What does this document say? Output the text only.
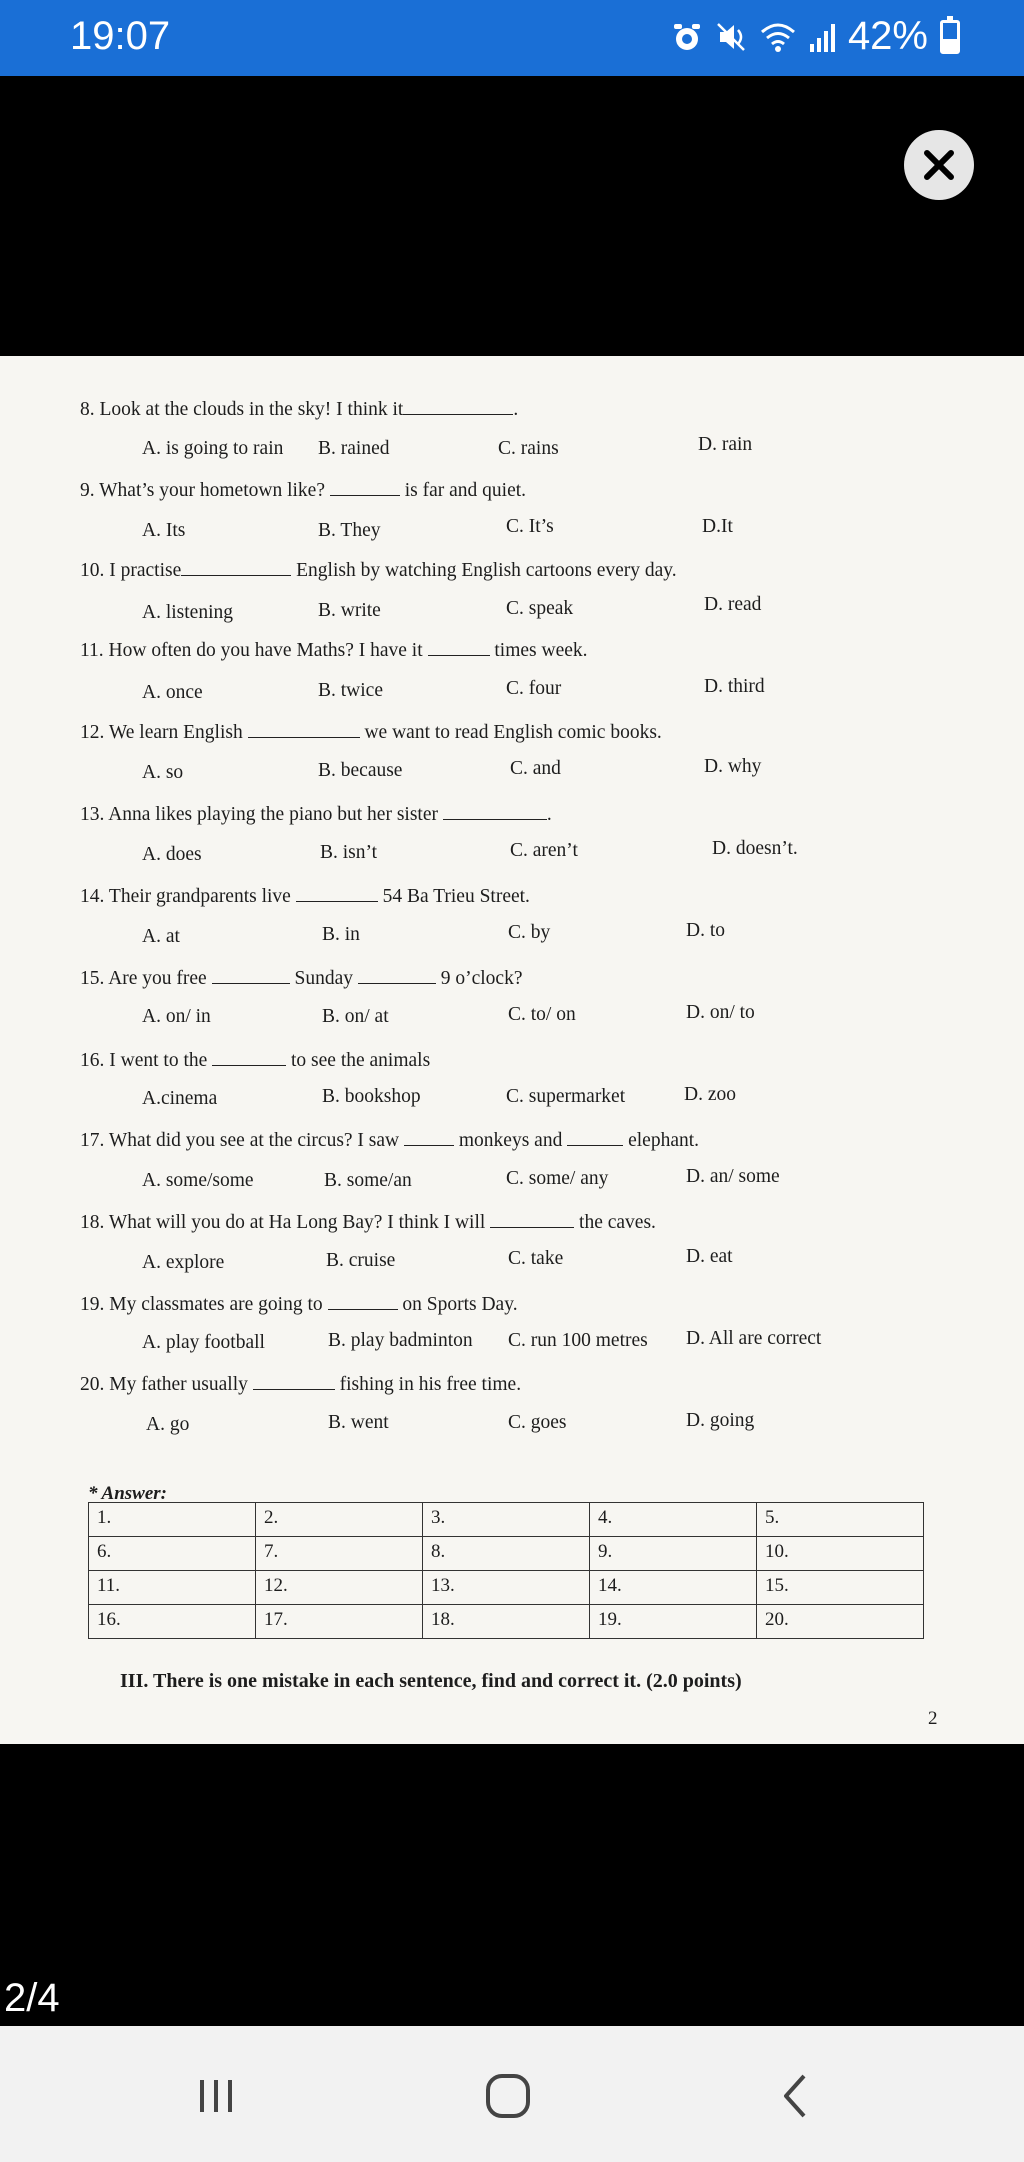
19:07	42%
8. Look at the clouds in the sky! I think it	.
A. is going to rain B. rained	C. rains	D. rain
9. What’s your hometown like?	is far and quiet.
A. Its	B. They	C. It’s	D.It
10. I practise	English by watching English cartoons every day.
A. listening	B. write	C. speak	D. read
11. How often do you have Maths? I have it	times week.
A. once	B. twice	C. four	D. third
12. We learn English	we want to read English comic books.
A. so	B. because	C. and	D. why
13. Anna likes playing the piano but her sister	.
A. does	B. isn’t	C. aren’t	D. doesn’t.
14. Their grandparents live	54 Ba Trieu Street.
A. at	B. in	C. by	D. to
15. Are you free	Sunday	9 o’clock?
A. on/ in	B. on/ at	C. to/ on	D. on/ to
16. I went to the	to see the animals
A.cinema	B. bookshop	C. supermarket	D. zoo
17. What did you see at the circus? I saw	monkeys and	elephant.
A. some/some	B. some/an	C. some/ any	D. an/ some
18. What will you do at Ha Long Bay? I think I will	the caves.
A. explore	B. cruise	C. take	D. eat
19. My classmates are going to	on Sports Day.
A. play football	B. play badminton C. run 100 metres D. All are correct
20. My father usually	fishing in his free time.
A. go	B. went	C. goes	D. going
* Answer:
1.	2.	3.	4.	5.
6.	7.	8.	9.	10.
11.	12.	13.	14.	15.
16.	17.	18.	19.	20.
III. There is one mistake in each sentence, find and correct it. (2.0 points)
2
2/4
